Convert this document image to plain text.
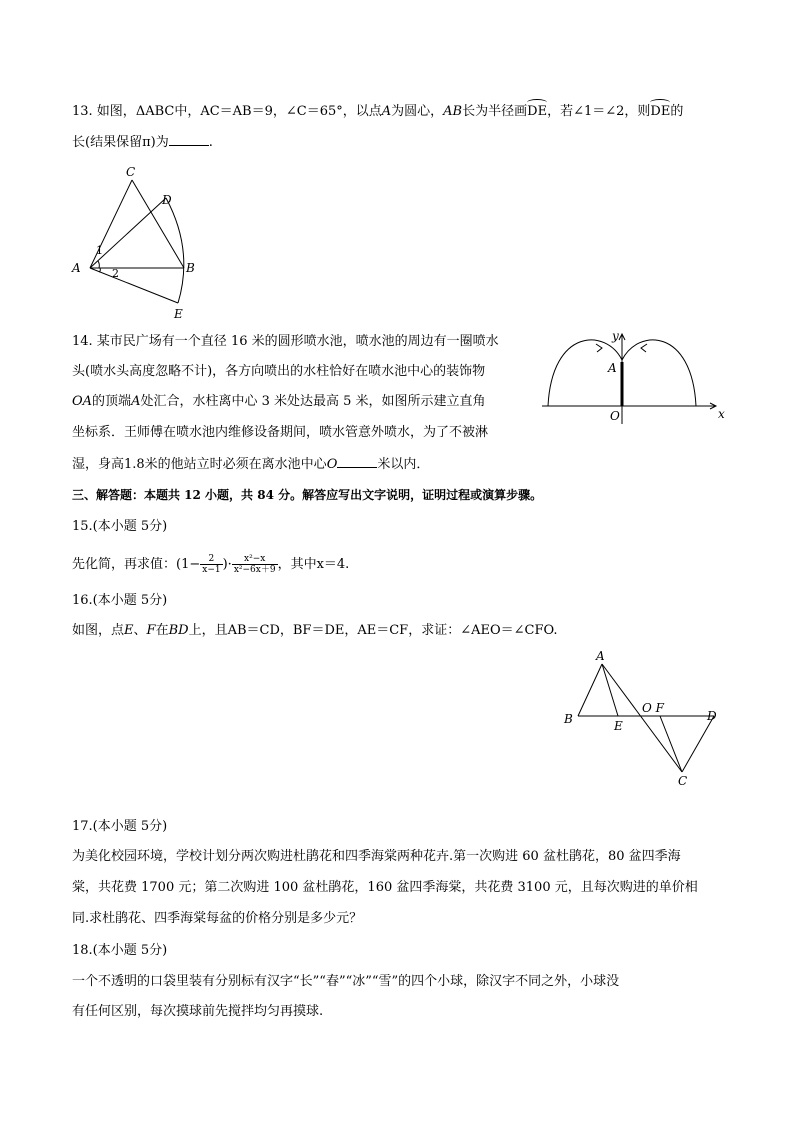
13. 如图，ΔABC中，AC＝AB＝9，∠C＝65°，以点A为圆心，AB长为半径画DE，若∠1＝∠2，则DE的
长(结果保留π)为	.
C
D
A	B
E
1
2
14. 某市民广场有一个直径 16 米的圆形喷水池，喷水池的周边有一圈喷水
头(喷水头高度忽略不计)，各方向喷出的水柱恰好在喷水池中心的装饰物
OA的顶端A处汇合，水柱离中心 3 米处达最高 5 米，如图所示建立直角
坐标系．王师傅在喷水池内维修设备期间，喷水管意外喷水，为了不被淋
湿，身高1.8米的他站立时必须在离水池中心O	米以内．
y
x
A
O
三、解答题：本题共 12 小题，共 84 分。解答应写出文字说明，证明过程或演算步骤。
15.(本小题 5分)
先化简，再求值：($1- \frac{2}{x-1}$ )· $\frac{\text{x²−x}}{\text{x²−6x＋9}}$ ，其中x＝4.
16.(本小题 5分)
如图，点E、F在BD上，且AB＝CD，BF＝DE，AE＝CF，求证：∠AEO＝∠CFO.
A
B	E
O F
D
C
17.(本小题 5分)
为美化校园环境，学校计划分两次购进杜鹃花和四季海棠两种花卉.第一次购进 60 盆杜鹃花，80 盆四季海
棠，共花费 1700 元；第二次购进 100 盆杜鹃花，160 盆四季海棠，共花费 3100 元，且每次购进的单价相
同.求杜鹃花、四季海棠每盆的价格分别是多少元？
18.(本小题 5分)
一个不透明的口袋里装有分别标有汉字“长”“春”“冰”“雪”的四个小球，除汉字不同之外，小球没
有任何区别，每次摸球前先搅拌均匀再摸球.
